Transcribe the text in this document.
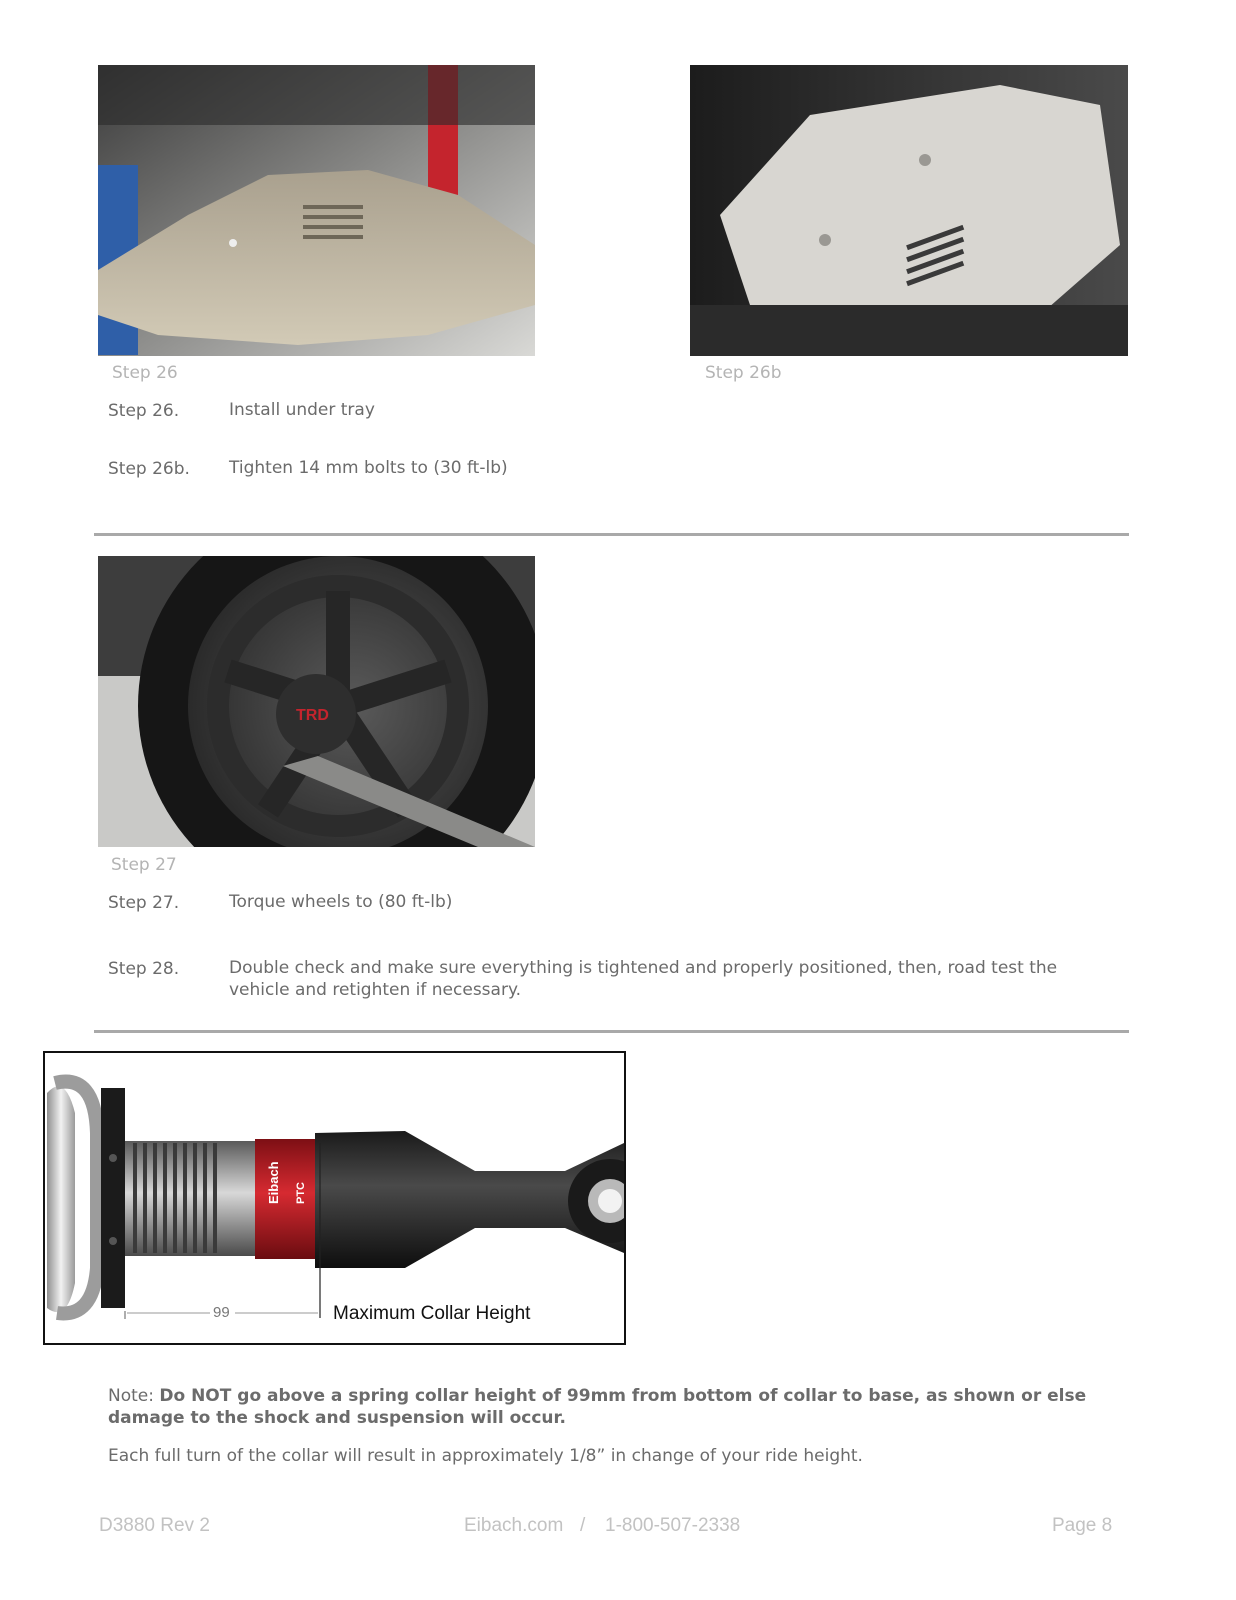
Step 26	Step 26b
Step 26.	Install under tray
Step 26b. Tighten 14 mm bolts to (30 ft-lb)
TRD
Step 27
Step 27.	Torque wheels to (80 ft-lb)
Step 28.	Double check and make sure everything is tightened and properly positioned, then, road test the vehicle and retighten if necessary.
Eibach PTC
99	Maximum Collar Height
Note: Do NOT go above a spring collar height of 99mm from bottom of collar to base, as shown or else damage to the shock and suspension will occur.
Each full turn of the collar will result in approximately 1/8” in change of your ride height.
D3880 Rev 2	Eibach.com / 1-800-507-2338	Page 8
